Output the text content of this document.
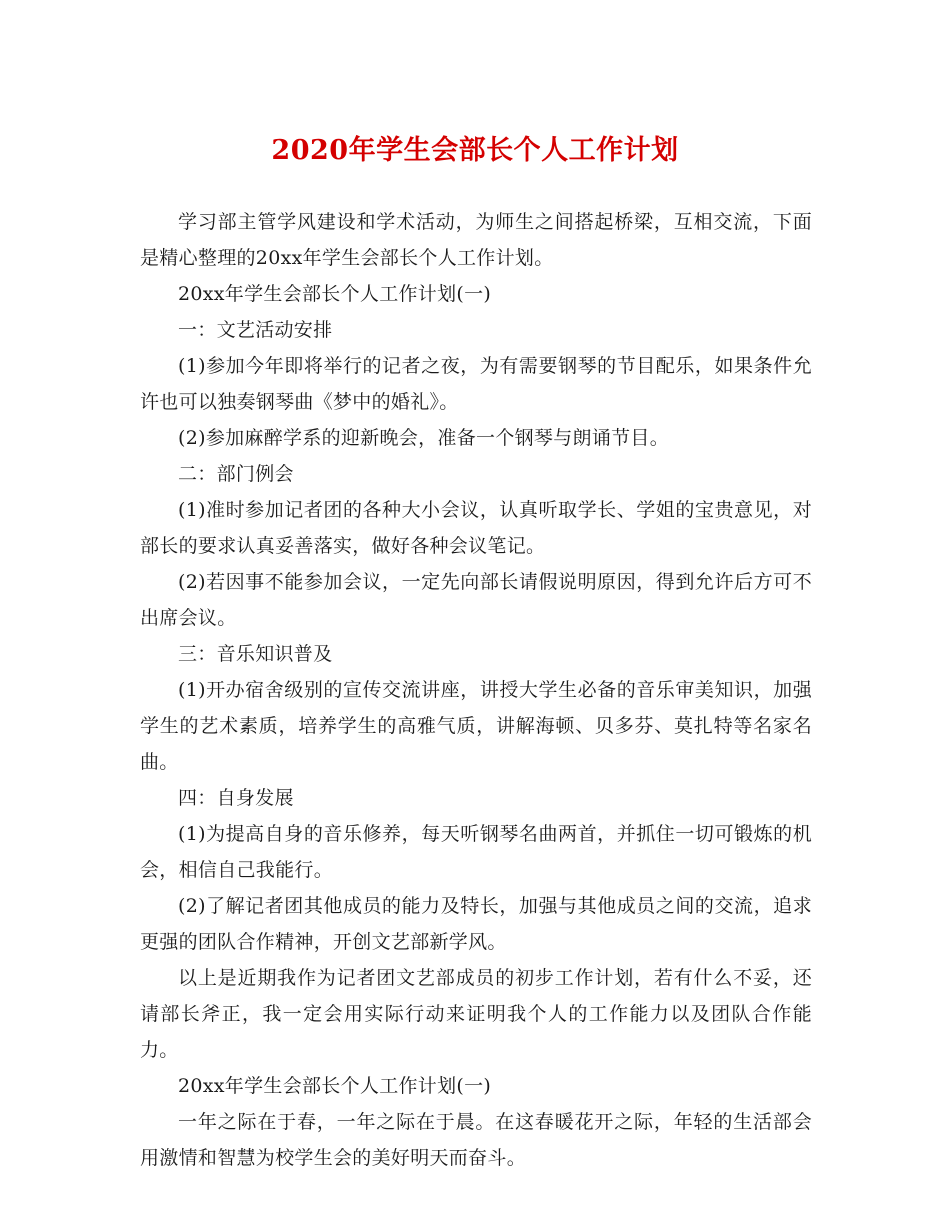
2020年学生会部长个人工作计划

学习部主管学风建设和学术活动，为师生之间搭起桥梁，互相交流，下面是精心整理的20xx年学生会部长个人工作计划。

20xx年学生会部长个人工作计划(一)

一：文艺活动安排

(1)参加今年即将举行的记者之夜，为有需要钢琴的节目配乐，如果条件允许也可以独奏钢琴曲《梦中的婚礼》。

(2)参加麻醉学系的迎新晚会，准备一个钢琴与朗诵节目。

二：部门例会

(1)准时参加记者团的各种大小会议，认真听取学长、学姐的宝贵意见，对部长的要求认真妥善落实，做好各种会议笔记。

(2)若因事不能参加会议，一定先向部长请假说明原因，得到允许后方可不出席会议。

三：音乐知识普及

(1)开办宿舍级别的宣传交流讲座，讲授大学生必备的音乐审美知识，加强学生的艺术素质，培养学生的高雅气质，讲解海顿、贝多芬、莫扎特等名家名曲。

四：自身发展

(1)为提高自身的音乐修养，每天听钢琴名曲两首，并抓住一切可锻炼的机会，相信自己我能行。

(2)了解记者团其他成员的能力及特长，加强与其他成员之间的交流，追求更强的团队合作精神，开创文艺部新学风。

以上是近期我作为记者团文艺部成员的初步工作计划，若有什么不妥，还请部长斧正，我一定会用实际行动来证明我个人的工作能力以及团队合作能力。

20xx年学生会部长个人工作计划(一)

一年之际在于春，一年之际在于晨。在这春暖花开之际，年轻的生活部会用激情和智慧为校学生会的美好明天而奋斗。
